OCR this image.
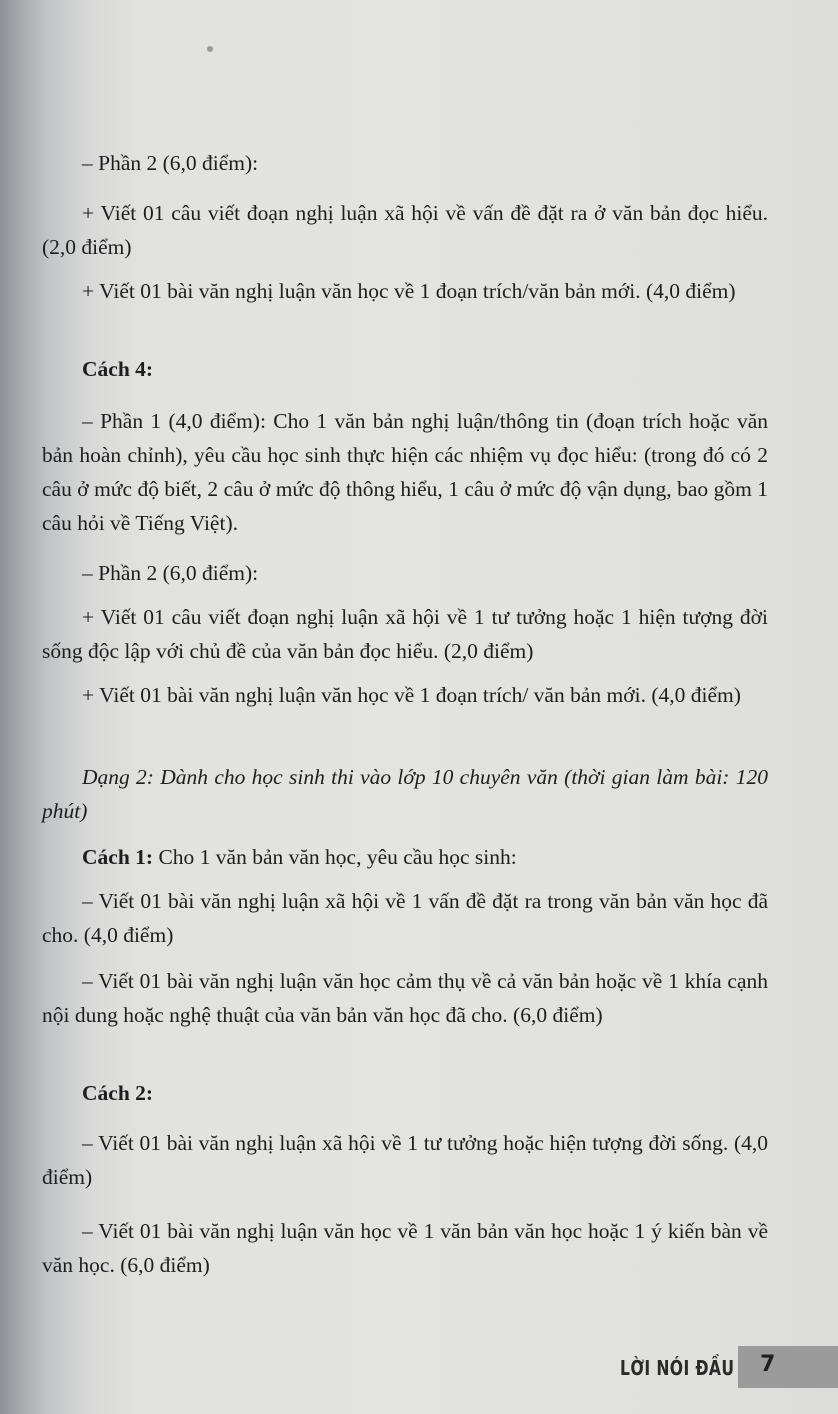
– Phần 2 (6,0 điểm):

+ Viết 01 câu viết đoạn nghị luận xã hội về vấn đề đặt ra ở văn bản đọc hiểu. (2,0 điểm)

+ Viết 01 bài văn nghị luận văn học về 1 đoạn trích/văn bản mới. (4,0 điểm)

Cách 4:

– Phần 1 (4,0 điểm): Cho 1 văn bản nghị luận/thông tin (đoạn trích hoặc văn bản hoàn chỉnh), yêu cầu học sinh thực hiện các nhiệm vụ đọc hiểu: (trong đó có 2 câu ở mức độ biết, 2 câu ở mức độ thông hiểu, 1 câu ở mức độ vận dụng, bao gồm 1 câu hỏi về Tiếng Việt).

– Phần 2 (6,0 điểm):

+ Viết 01 câu viết đoạn nghị luận xã hội về 1 tư tưởng hoặc 1 hiện tượng đời sống độc lập với chủ đề của văn bản đọc hiểu. (2,0 điểm)

+ Viết 01 bài văn nghị luận văn học về 1 đoạn trích/ văn bản mới. (4,0 điểm)

Dạng 2: Dành cho học sinh thi vào lớp 10 chuyên văn (thời gian làm bài: 120 phút)

Cách 1: Cho 1 văn bản văn học, yêu cầu học sinh:

– Viết 01 bài văn nghị luận xã hội về 1 vấn đề đặt ra trong văn bản văn học đã cho. (4,0 điểm)

– Viết 01 bài văn nghị luận văn học cảm thụ về cả văn bản hoặc về 1 khía cạnh nội dung hoặc nghệ thuật của văn bản văn học đã cho. (6,0 điểm)

Cách 2:

– Viết 01 bài văn nghị luận xã hội về 1 tư tưởng hoặc hiện tượng đời sống. (4,0 điểm)

– Viết 01 bài văn nghị luận văn học về 1 văn bản văn học hoặc 1 ý kiến bàn về văn học. (6,0 điểm)

LỜI NÓI ĐẦU 7
